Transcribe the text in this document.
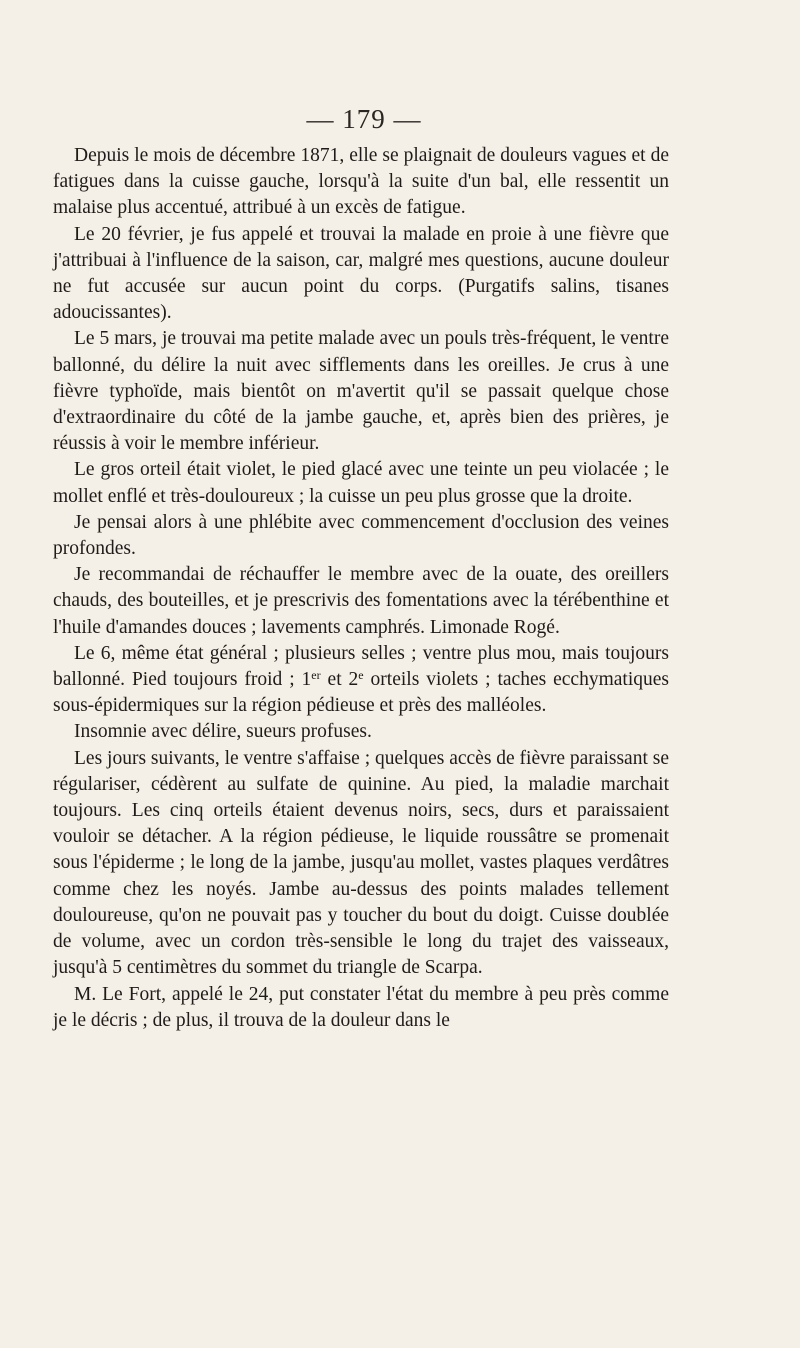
— 179 —

Depuis le mois de décembre 1871, elle se plaignait de douleurs vagues et de fatigues dans la cuisse gauche, lorsqu'à la suite d'un bal, elle ressentit un malaise plus accentué, attribué à un excès de fatigue.

Le 20 février, je fus appelé et trouvai la malade en proie à une fièvre que j'attribuai à l'influence de la saison, car, malgré mes questions, aucune douleur ne fut accusée sur aucun point du corps. (Purgatifs salins, tisanes adoucissantes).

Le 5 mars, je trouvai ma petite malade avec un pouls très-fréquent, le ventre ballonné, du délire la nuit avec sifflements dans les oreilles. Je crus à une fièvre typhoïde, mais bientôt on m'avertit qu'il se passait quelque chose d'extraordinaire du côté de la jambe gauche, et, après bien des prières, je réussis à voir le membre inférieur.

Le gros orteil était violet, le pied glacé avec une teinte un peu violacée ; le mollet enflé et très-douloureux ; la cuisse un peu plus grosse que la droite.

Je pensai alors à une phlébite avec commencement d'occlusion des veines profondes.

Je recommandai de réchauffer le membre avec de la ouate, des oreillers chauds, des bouteilles, et je prescrivis des fomentations avec la térébenthine et l'huile d'amandes douces ; lavements camphrés. Limonade Rogé.

Le 6, même état général ; plusieurs selles ; ventre plus mou, mais toujours ballonné. Pied toujours froid ; 1er et 2e orteils violets ; taches ecchymatiques sous-épidermiques sur la région pédieuse et près des malléoles.

Insomnie avec délire, sueurs profuses.

Les jours suivants, le ventre s'affaise ; quelques accès de fièvre paraissant se régulariser, cédèrent au sulfate de quinine. Au pied, la maladie marchait toujours. Les cinq orteils étaient devenus noirs, secs, durs et paraissaient vouloir se détacher. A la région pédieuse, le liquide roussâtre se promenait sous l'épiderme ; le long de la jambe, jusqu'au mollet, vastes plaques verdâtres comme chez les noyés. Jambe au-dessus des points malades tellement douloureuse, qu'on ne pouvait pas y toucher du bout du doigt. Cuisse doublée de volume, avec un cordon très-sensible le long du trajet des vaisseaux, jusqu'à 5 centimètres du sommet du triangle de Scarpa.

M. Le Fort, appelé le 24, put constater l'état du membre à peu près comme je le décris ; de plus, il trouva de la douleur dans le
